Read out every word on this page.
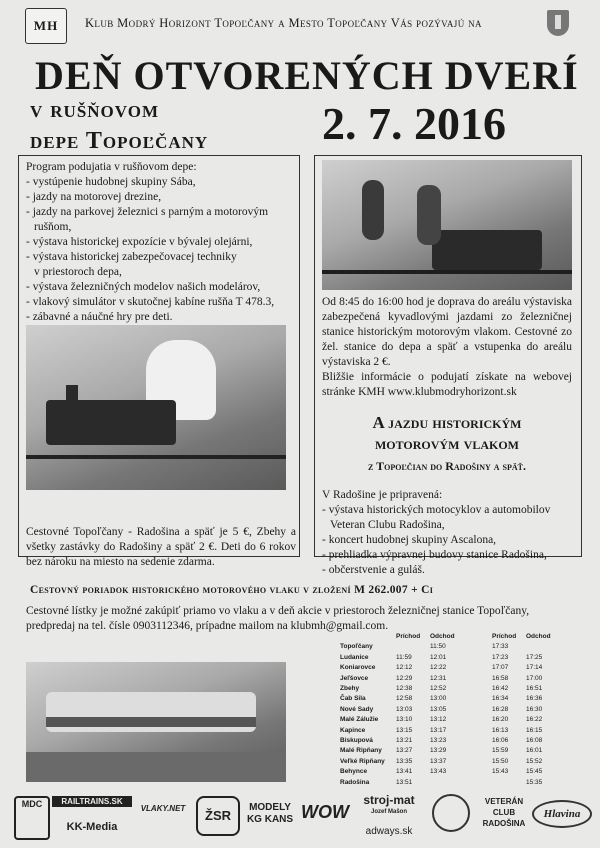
MH	Klub Modrý Horizont Topoľčany a Mesto Topoľčany Vás pozývajú na
DEŇ OTVORENÝCH DVERÍ
v rušňovom
depe Topoľčany 2. 7. 2016
Program podujatia v rušňovom depe:
- vystúpenie hudobnej skupiny Sába,
- jazdy na motorovej drezine,
- jazdy na parkovej železnici s parným a motorovým
rušňom,
- výstava historickej expozície v bývalej olejárni,
- výstava historickej zabezpečovacej techniky
v priestoroch depa,
- výstava železničných modelov našich modelárov,
- vlakový simulátor v skutočnej kabíne rušňa T 478.3,
- zábavné a náučné hry pre deti.
Od 8:45 do 16:00 hod je doprava do areálu výstaviska zabezpečená kyvadlovými jazdami zo železničnej stanice historickým motorovým vlakom. Cestovné zo žel. stanice do depa a späť a vstupenka do areálu výstaviska 2 €.
Bližšie informácie o podujatí získate na webovej stránke KMH www.klubmodryhorizont.sk
A jazdu historickým
motorovým vlakom
z Topoľčian do Radošiny a späť.
V Radošine je pripravená:
- výstava historických motocyklov a automobilov
Veteran Clubu Radošina,
- koncert hudobnej skupiny Ascalona,
- prehliadka výpravnej budovy stanice Radošina,
- občerstvenie a guláš.
Cestovné Topoľčany - Radošina a späť je 5 €, Zbehy a všetky zastávky do Radošiny a späť 2 €. Deti do 6 rokov bez nároku na miesto na sedenie zdarma.
Cestovný poriadok historického motorového vlaku v zložení M 262.007 + Ci
Cestovné lístky je možné zakúpiť priamo vo vlaku a v deň akcie v priestoroch železničnej stanice Topoľčany, predpredaj na tel. čísle 0903112346, prípadne mailom na klubmh@gmail.com.
	Príchod	Odchod		Príchod	Odchod
Topoľčany		11:50		17:33	
Ludanice	11:59	12:01		17:23	17:25
Koniarovce	12:12	12:22		17:07	17:14
Jeľšovce	12:29	12:31		16:58	17:00
Zbehy	12:38	12:52		16:42	16:51
Čab Sila	12:58	13:00		16:34	16:36
Nové Sady	13:03	13:05		16:28	16:30
Malé Zálužie	13:10	13:12		16:20	16:22
Kapince	13:15	13:17		16:13	16:15
Biskupová	13:21	13:23		16:06	16:08
Malé Ripňany	13:27	13:29		15:59	16:01
Veľké Ripňany	13:35	13:37		15:50	15:52
Behynce	13:41	13:43		15:43	15:45
Radošina	13:51				15:35
MDC	RAILTRAINS.SK
KK-Media
VLAKY.NET	ŽSR
MODELY
KG KANS WOW
stroj-mat
Jozef Mašon
adways.sk
VETERÁN
CLUB
RADOŠINA
Hlavina
